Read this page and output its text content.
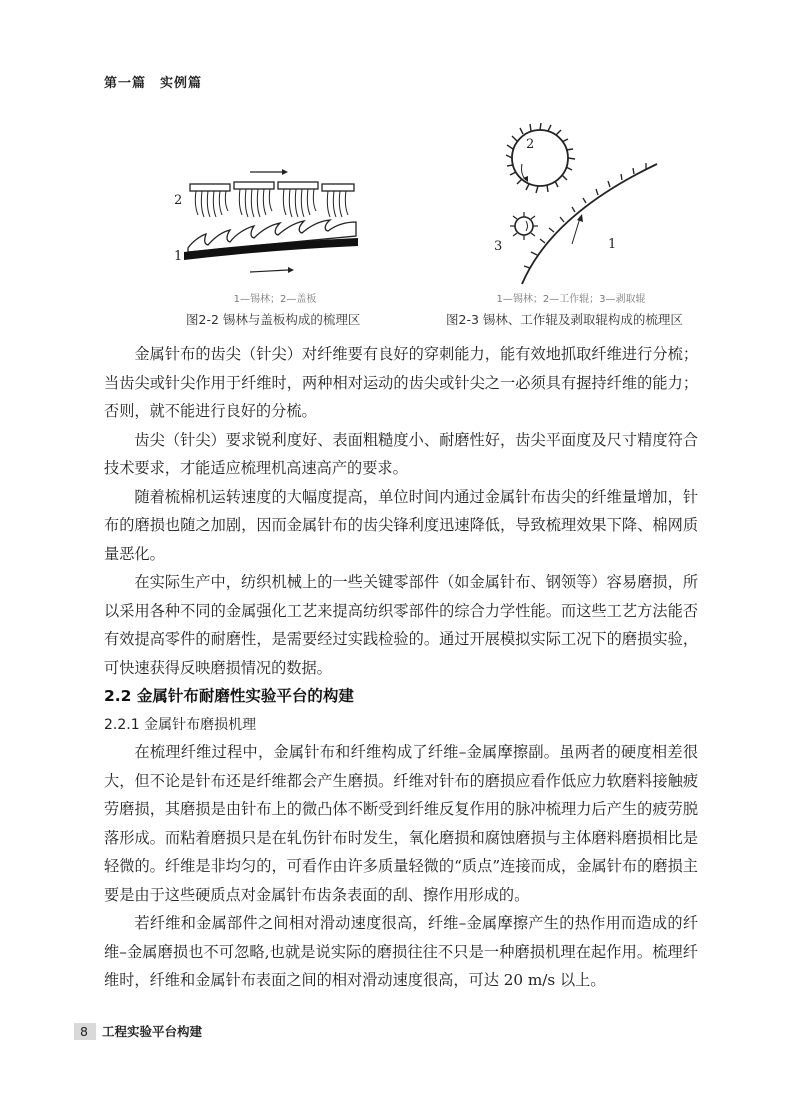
第一篇　实例篇
2
1
1—锡林；2—盖板
图2-2 锡林与盖板构成的梳理区
2
3	1
1—锡林；2—工作辊；3—剥取辊
图2-3 锡林、工作辊及剥取辊构成的梳理区

金属针布的齿尖（针尖）对纤维要有良好的穿刺能力，能有效地抓取纤维进行分梳；当齿尖或针尖作用于纤维时，两种相对运动的齿尖或针尖之一必须具有握持纤维的能力；否则，就不能进行良好的分梳。

齿尖（针尖）要求锐利度好、表面粗糙度小、耐磨性好，齿尖平面度及尺寸精度符合技术要求，才能适应梳理机高速高产的要求。

随着梳棉机运转速度的大幅度提高，单位时间内通过金属针布齿尖的纤维量增加，针布的磨损也随之加剧，因而金属针布的齿尖锋利度迅速降低，导致梳理效果下降、棉网质量恶化。

在实际生产中，纺织机械上的一些关键零部件（如金属针布、钢领等）容易磨损，所以采用各种不同的金属强化工艺来提高纺织零部件的综合力学性能。而这些工艺方法能否有效提高零件的耐磨性，是需要经过实践检验的。通过开展模拟实际工况下的磨损实验，可快速获得反映磨损情况的数据。

2.2 金属针布耐磨性实验平台的构建
2.2.1 金属针布磨损机理

在梳理纤维过程中，金属针布和纤维构成了纤维–金属摩擦副。虽两者的硬度相差很大，但不论是针布还是纤维都会产生磨损。纤维对针布的磨损应看作低应力软磨料接触疲劳磨损，其磨损是由针布上的微凸体不断受到纤维反复作用的脉冲梳理力后产生的疲劳脱落形成。而粘着磨损只是在轧伤针布时发生，氧化磨损和腐蚀磨损与主体磨料磨损相比是轻微的。纤维是非均匀的，可看作由许多质量轻微的“质点”连接而成，金属针布的磨损主要是由于这些硬质点对金属针布齿条表面的刮、擦作用形成的。

若纤维和金属部件之间相对滑动速度很高，纤维–金属摩擦产生的热作用而造成的纤维–金属磨损也不可忽略,也就是说实际的磨损往往不只是一种磨损机理在起作用。梳理纤维时，纤维和金属针布表面之间的相对滑动速度很高，可达 20 m/s 以上。

8	工程实验平台构建
